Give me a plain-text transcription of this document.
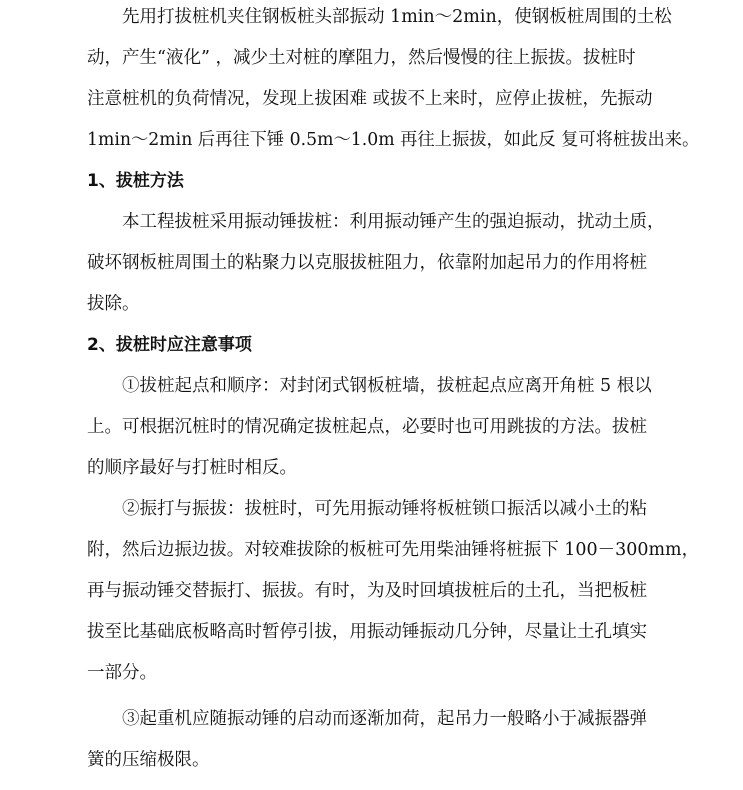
先用打拔桩机夹住钢板桩头部振动 1min～2min，使钢板桩周围的土松
动，产生“液化” ，减少土对桩的摩阻力，然后慢慢的往上振拔。拔桩时
注意桩机的负荷情况，发现上拔困难 或拔不上来时，应停止拔桩，先振动
1min～2min 后再往下锤 0.5m～1.0m 再往上振拔，如此反 复可将桩拔出来。
1、拔桩方法
本工程拔桩采用振动锤拔桩：利用振动锤产生的强迫振动，扰动土质，
破坏钢板桩周围土的粘聚力以克服拔桩阻力，依靠附加起吊力的作用将桩
拔除。
2、拔桩时应注意事项
①拔桩起点和顺序：对封闭式钢板桩墙，拔桩起点应离开角桩 5 根以
上。可根据沉桩时的情况确定拔桩起点，必要时也可用跳拔的方法。拔桩
的顺序最好与打桩时相反。
②振打与振拔：拔桩时，可先用振动锤将板桩锁口振活以减小土的粘
附，然后边振边拔。对较难拔除的板桩可先用柴油锤将桩振下 100－300mm，
再与振动锤交替振打、振拔。有时，为及时回填拔桩后的土孔，当把板桩
拔至比基础底板略高时暂停引拔，用振动锤振动几分钟，尽量让土孔填实
一部分。
③起重机应随振动锤的启动而逐渐加荷，起吊力一般略小于减振器弹
簧的压缩极限。
